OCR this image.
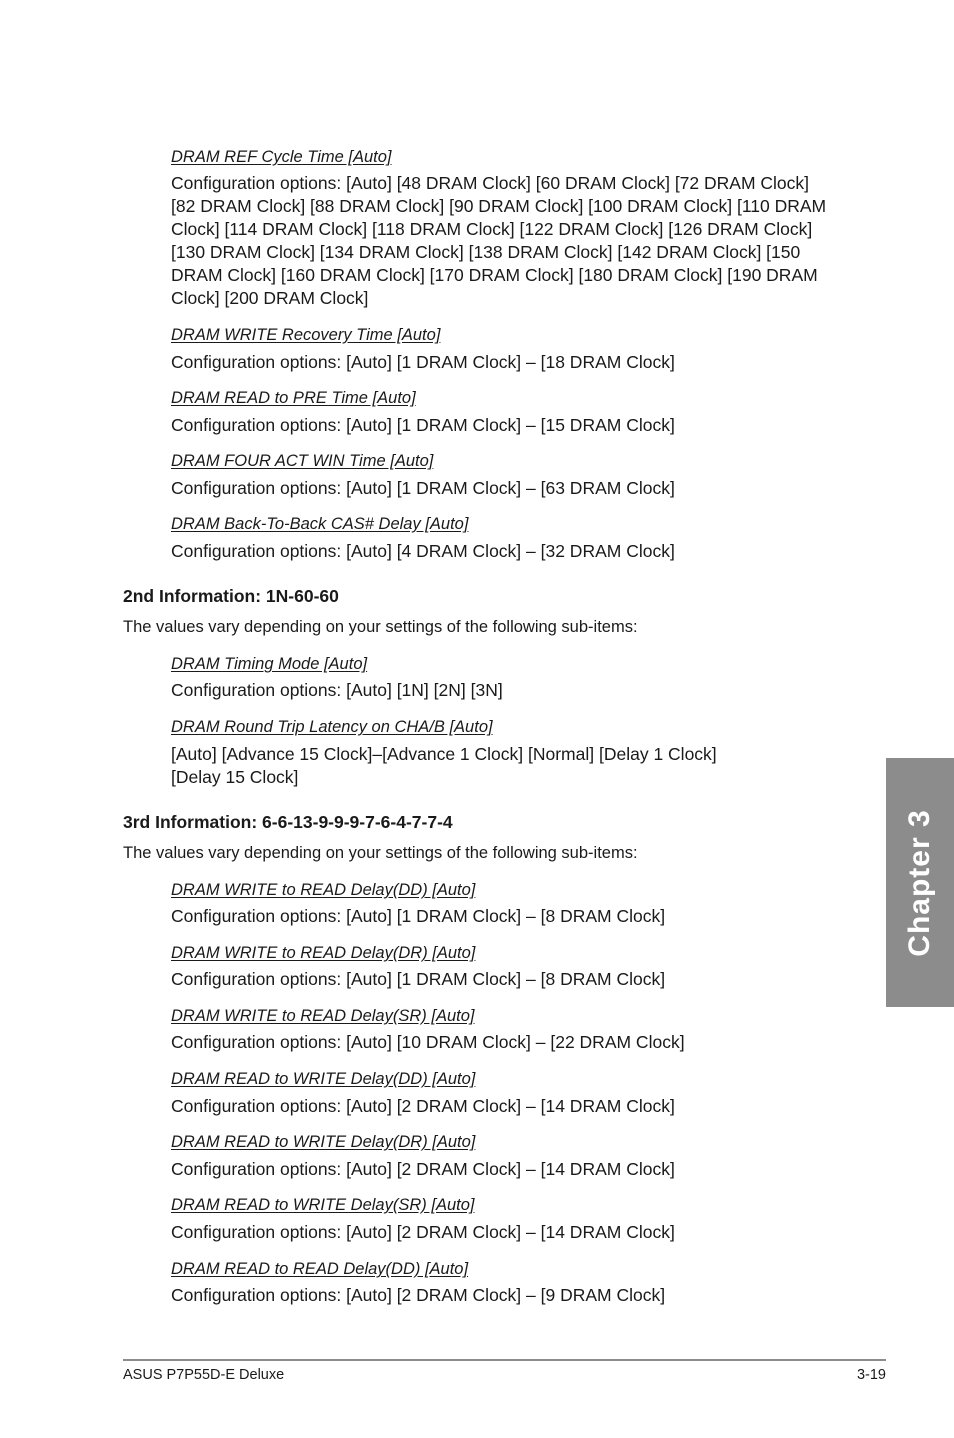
DRAM REF Cycle Time [Auto]
Configuration options: [Auto] [48 DRAM Clock] [60 DRAM Clock] [72 DRAM Clock]
[82 DRAM Clock] [88 DRAM Clock] [90 DRAM Clock] [100 DRAM Clock] [110 DRAM
Clock] [114 DRAM Clock] [118 DRAM Clock] [122 DRAM Clock] [126 DRAM Clock]
[130 DRAM Clock] [134 DRAM Clock] [138 DRAM Clock] [142 DRAM Clock] [150
DRAM Clock] [160 DRAM Clock] [170 DRAM Clock] [180 DRAM Clock] [190 DRAM
Clock] [200 DRAM Clock]
DRAM WRITE Recovery Time [Auto]
Configuration options: [Auto] [1 DRAM Clock] – [18 DRAM Clock]
DRAM READ to PRE Time [Auto]
Configuration options: [Auto] [1 DRAM Clock] – [15 DRAM Clock]
DRAM FOUR ACT WIN Time [Auto]
Configuration options: [Auto] [1 DRAM Clock] – [63 DRAM Clock]
DRAM Back-To-Back CAS# Delay [Auto]
Configuration options: [Auto] [4 DRAM Clock] – [32 DRAM Clock]
2nd Information: 1N-60-60
The values vary depending on your settings of the following sub-items:
DRAM Timing Mode [Auto]
Configuration options: [Auto] [1N] [2N] [3N]
DRAM Round Trip Latency on CHA/B [Auto]
[Auto] [Advance 15 Clock]–[Advance 1 Clock] [Normal] [Delay 1 Clock]
[Delay 15 Clock]
3rd Information: 6-6-13-9-9-9-7-6-4-7-7-4
The values vary depending on your settings of the following sub-items:
DRAM WRITE to READ Delay(DD) [Auto]
Configuration options: [Auto] [1 DRAM Clock] – [8 DRAM Clock]
DRAM WRITE to READ Delay(DR) [Auto]
Configuration options: [Auto] [1 DRAM Clock] – [8 DRAM Clock]
DRAM WRITE to READ Delay(SR) [Auto]
Configuration options: [Auto] [10 DRAM Clock] – [22 DRAM Clock]
DRAM READ to WRITE Delay(DD) [Auto]
Configuration options: [Auto] [2 DRAM Clock] – [14 DRAM Clock]
DRAM READ to WRITE Delay(DR) [Auto]
Configuration options: [Auto] [2 DRAM Clock] – [14 DRAM Clock]
DRAM READ to WRITE Delay(SR) [Auto]
Configuration options: [Auto] [2 DRAM Clock] – [14 DRAM Clock]
DRAM READ to READ Delay(DD) [Auto]
Configuration options: [Auto] [2 DRAM Clock] – [9 DRAM Clock]
Chapter 3
ASUS P7P55D-E Deluxe	3-19
